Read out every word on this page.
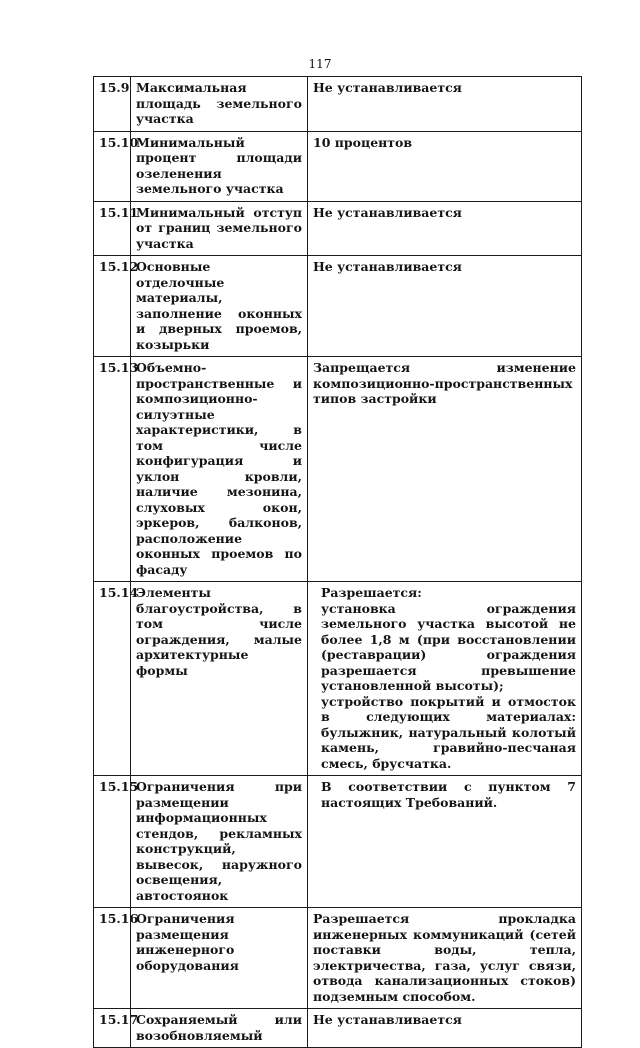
117
15.9	Максимальная площадь земельного участка	Не устанавливается

15.10	Минимальный процент площади озеленения земельного участка	10 процентов

15.11	Минимальный отступ от границ земельного участка	Не устанавливается

15.12	Основные отделочные материалы, заполнение оконных и дверных проемов, козырьки	Не устанавливается

15.13	Объемно-пространственные и композиционно-силуэтные характеристики, в том числе конфигурация и уклон кровли, наличие мезонина, слуховых окон, эркеров, балконов, расположение оконных проемов по фасаду	Запрещается изменение композиционно-пространственных типов застройки

15.14	Элементы благоустройства, в том числе ограждения, малые архитектурные формы	Разрешается:
установка ограждения земельного участка высотой не более 1,8 м (при восстановлении (реставрации) ограждения разрешается превышение установленной высоты);
устройство покрытий и отмосток в следующих материалах: булыжник, натуральный колотый камень, гравийно-песчаная смесь, брусчатка.

15.15	Ограничения при размещении информационных стендов, рекламных конструкций, вывесок, наружного освещения, автостоянок	В соответствии с пунктом 7 настоящих Требований.

15.16	Ограничения размещения инженерного оборудования	Разрешается прокладка инженерных коммуникаций (сетей поставки воды, тепла, электричества, газа, услуг связи, отвода канализационных стоков) подземным способом.

15.17	Сохраняемый или возобновляемый	Не устанавливается
